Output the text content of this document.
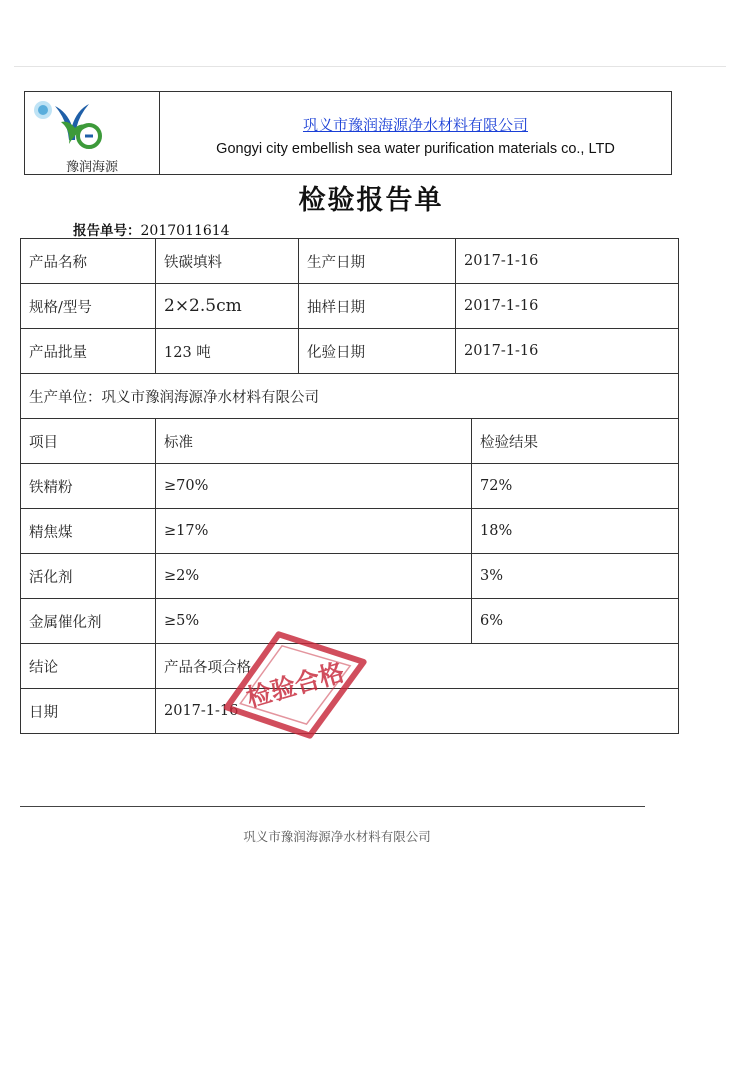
豫润海源
巩义市豫润海源净水材料有限公司
Gongyi city embellish sea water purification materials co., LTD
检验报告单
报告单号：2017011614
产品名称	铁碳填料	生产日期	2017-1-16	
规格/型号	2×2.5cm	抽样日期	2017-1-16	
产品批量	123 吨	化验日期	2017-1-16	
生产单位：巩义市豫润海源净水材料有限公司				
项目	标准			检验结果
铁精粉	≥70%			72%
精焦煤	≥17%			18%
活化剂	≥2%			3%
金属催化剂	≥5%			6%
结论	产品各项合格			
日期	2017-1-16			检验合格
巩义市豫润海源净水材料有限公司
